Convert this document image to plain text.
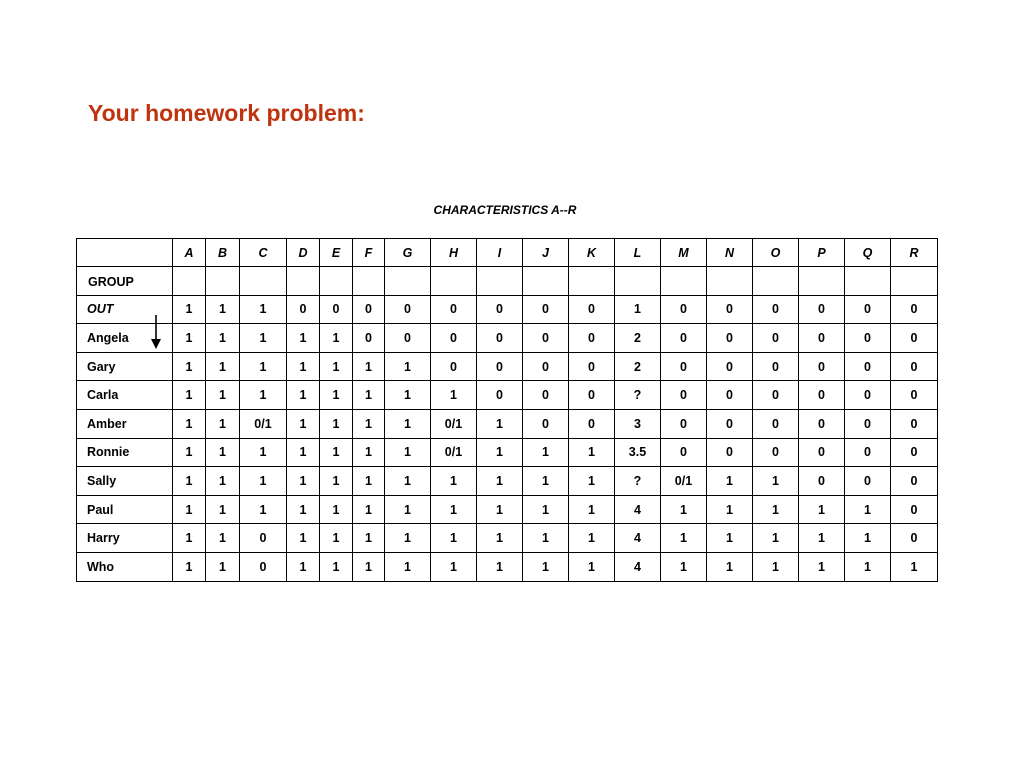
Your homework problem:
CHARACTERISTICS A--R
	A	B	C	D	E	F	G	H	I	J	K	L	M	N	O	P	Q	R

GROUP																		

OUT	1	1	1	0	0	0	0	0	0	0	0	1	0	0	0	0	0	0
Angela	1	1	1	1	1	0	0	0	0	0	0	2	0	0	0	0	0	0
Gary	1	1	1	1	1	1	1	0	0	0	0	2	0	0	0	0	0	0
Carla	1	1	1	1	1	1	1	1	0	0	0	?	0	0	0	0	0	0
Amber	1	1	0/1	1	1	1	1	0/1	1	0	0	3	0	0	0	0	0	0
Ronnie	1	1	1	1	1	1	1	0/1	1	1	1	3.5	0	0	0	0	0	0
Sally	1	1	1	1	1	1	1	1	1	1	1	?	0/1	1	1	0	0	0
Paul	1	1	1	1	1	1	1	1	1	1	1	4	1	1	1	1	1	0
Harry	1	1	0	1	1	1	1	1	1	1	1	4	1	1	1	1	1	0
Who	1	1	0	1	1	1	1	1	1	1	1	4	1	1	1	1	1	1
